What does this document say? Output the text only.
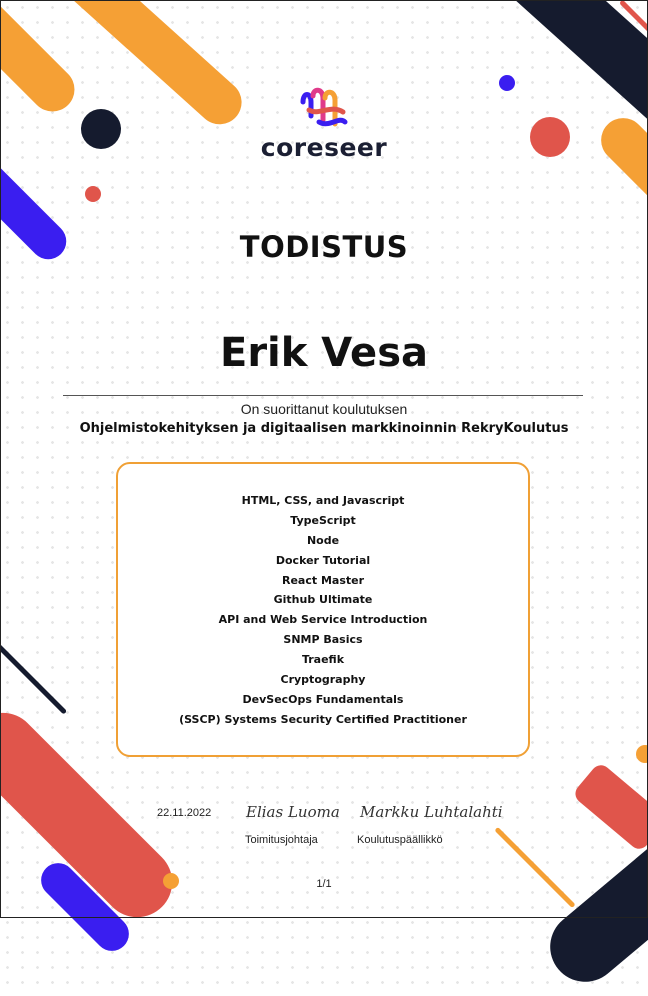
coreseer
TODISTUS
Erik Vesa
On suorittanut koulutuksen
Ohjelmistokehityksen ja digitaalisen markkinoinnin RekryKoulutus
HTML, CSS, and Javascript
TypeScript
Node
Docker Tutorial
React Master
Github Ultimate
API and Web Service Introduction
SNMP Basics
Traefik
Cryptography
DevSecOps Fundamentals
(SSCP) Systems Security Certified Practitioner
22.11.2022 Elias Luoma Markku Luhtalahti
Toimitusjohtaja	Koulutuspäällikkö
1/1
